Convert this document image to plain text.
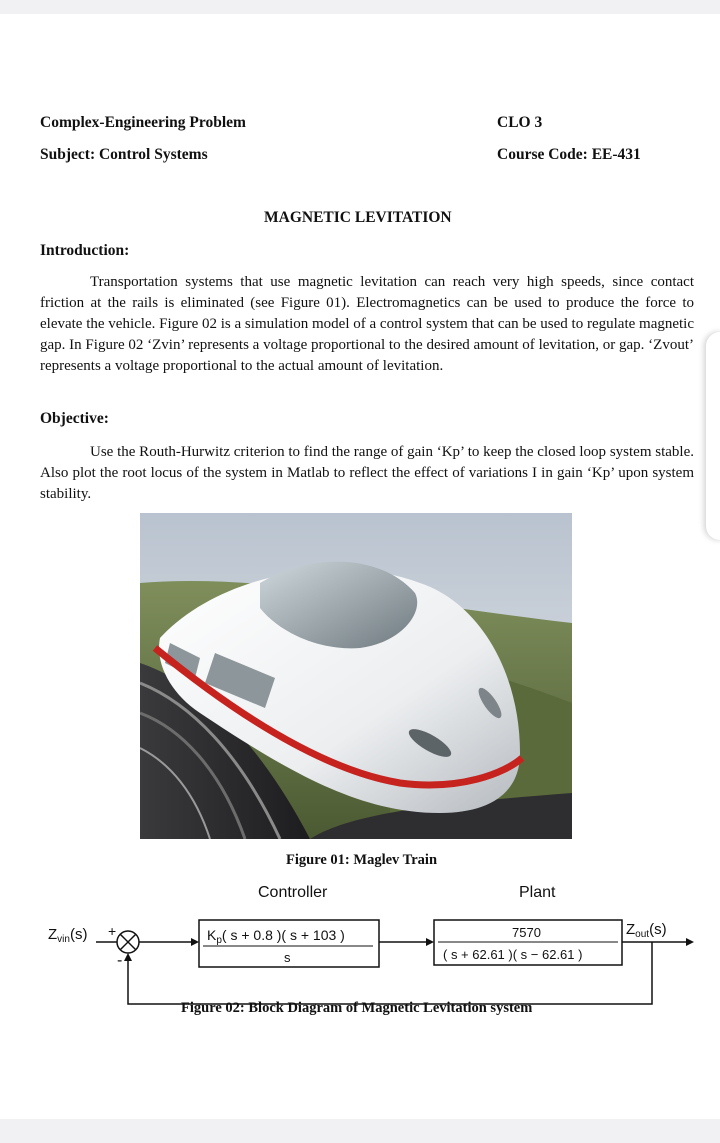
Complex-Engineering Problem	CLO 3
Subject: Control Systems	Course Code: EE-431
MAGNETIC LEVITATION
Introduction:
Transportation systems that use magnetic levitation can reach very high speeds, since contact friction at the rails is eliminated (see Figure 01). Electromagnetics can be used to produce the force to elevate the vehicle. Figure 02 is a simulation model of a control system that can be used to regulate magnetic gap. In Figure 02 ‘Zvin’ represents a voltage proportional to the desired amount of levitation, or gap. ‘Zvout’ represents a voltage proportional to the actual amount of levitation.
Objective:
Use the Routh-Hurwitz criterion to find the range of gain ‘Kp’ to keep the closed loop system stable. Also plot the root locus of the system in Matlab to reflect the effect of variations I in gain ‘Kp’ upon system stability.
Figure 01: Maglev Train
Controller	Plant
$Z_{vin}(s)$ +
-
$K_p$( s + 0.8 )( s + 103 )
s
7570
( s + 62.61 )( s − 62.61 )
$Z_{out}(s)$
Figure 02: Block Diagram of Magnetic Levitation system
